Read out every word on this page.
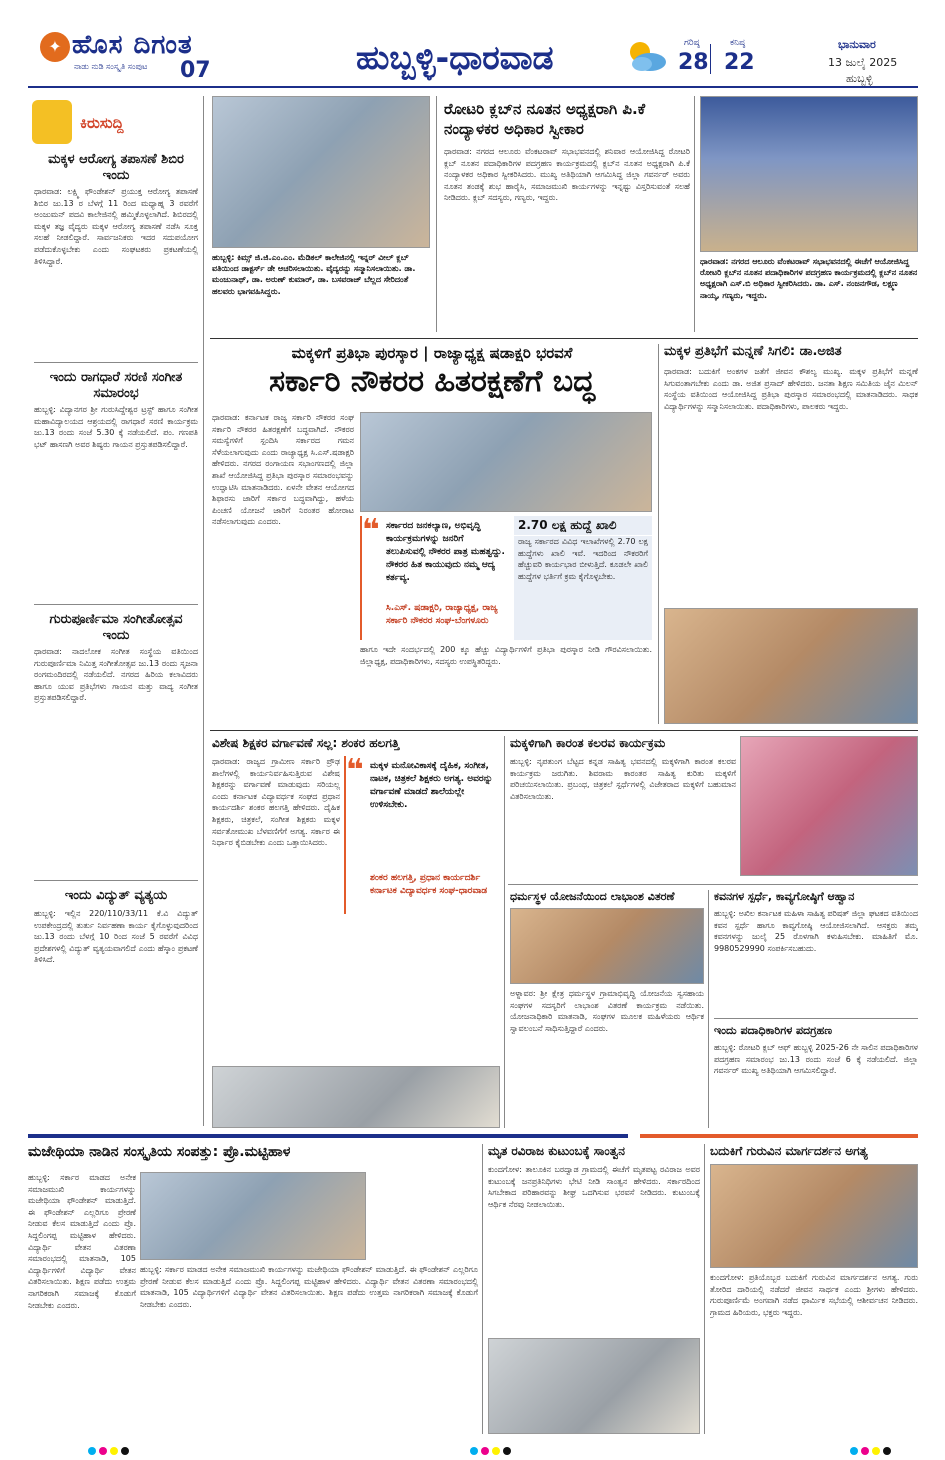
✦ ಹೊಸ ದಿಗಂತ
ನಾಡು ನುಡಿ ಸಂಸ್ಕೃತಿ ಸಂಪುಟ 07	ಹುಬ್ಬಳ್ಳಿ-ಧಾರವಾಡ	ಗರಿಷ್ಠ
28
ಕನಿಷ್ಠ
22
ಭಾನುವಾರ
13 ಜುಲೈ 2025
ಹುಬ್ಬಳ್ಳಿ
ಕಿರುಸುದ್ದಿ
ಮಕ್ಕಳ ಆರೋಗ್ಯ ತಪಾಸಣೆ ಶಿಬಿರ ಇಂದು
ಧಾರವಾಡ: ಲಕ್ಷ್ಮಿ ಫೌಂಡೇಶನ್ ಪ್ರಯುಕ್ತ ಆರೋಗ್ಯ ತಪಾಸಣೆ ಶಿಬಿರ ಜು.13 ರ ಬೆಳಗ್ಗೆ 11 ರಿಂದ ಮಧ್ಯಾಹ್ನ 3 ರವರೆಗೆ ಅಂಜುಮನ್ ಪದವಿ ಕಾಲೇಜಿನಲ್ಲಿ ಹಮ್ಮಿಕೊಳ್ಳಲಾಗಿದೆ. ಶಿಬಿರದಲ್ಲಿ ಮಕ್ಕಳ ತಜ್ಞ ವೈದ್ಯರು ಮಕ್ಕಳ ಆರೋಗ್ಯ ತಪಾಸಣೆ ನಡೆಸಿ ಸೂಕ್ತ ಸಲಹೆ ನೀಡಲಿದ್ದಾರೆ. ಸಾರ್ವಜನಿಕರು ಇದರ ಸದುಪಯೋಗ ಪಡೆದುಕೊಳ್ಳಬೇಕು ಎಂದು ಸಂಘಟಕರು ಪ್ರಕಟಣೆಯಲ್ಲಿ ತಿಳಿಸಿದ್ದಾರೆ.
ಇಂದು ರಾಗಧಾರೆ ಸರಣಿ ಸಂಗೀತ ಸಮಾರಂಭ
ಹುಬ್ಬಳ್ಳಿ: ವಿದ್ಯಾನಗರ ಶ್ರೀ ಗುರುಸಿದ್ದೇಶ್ವರ ಟ್ರಸ್ಟ್ ಹಾಗೂ ಸಂಗೀತ ಮಹಾವಿದ್ಯಾಲಯದ ಆಶ್ರಯದಲ್ಲಿ ರಾಗಧಾರೆ ಸರಣಿ ಕಾರ್ಯಕ್ರಮ ಜು.13 ರಂದು ಸಂಜೆ 5.30 ಕ್ಕೆ ನಡೆಯಲಿದೆ. ಪಂ. ಗಣಪತಿ ಭಟ್ ಹಾಸಣಗಿ ಅವರ ಶಿಷ್ಯರು ಗಾಯನ ಪ್ರಸ್ತುತಪಡಿಸಲಿದ್ದಾರೆ.
ಗುರುಪೂರ್ಣಿಮಾ ಸಂಗೀತೋತ್ಸವ ಇಂದು
ಧಾರವಾಡ: ನಾದಲೋಕ ಸಂಗೀತ ಸಂಸ್ಥೆಯ ವತಿಯಿಂದ ಗುರುಪೂರ್ಣಿಮಾ ನಿಮಿತ್ತ ಸಂಗೀತೋತ್ಸವ ಜು.13 ರಂದು ಸೃಜನಾ ರಂಗಮಂದಿರದಲ್ಲಿ ನಡೆಯಲಿದೆ. ನಗರದ ಹಿರಿಯ ಕಲಾವಿದರು ಹಾಗೂ ಯುವ ಪ್ರತಿಭೆಗಳು ಗಾಯನ ಮತ್ತು ವಾದ್ಯ ಸಂಗೀತ ಪ್ರಸ್ತುತಪಡಿಸಲಿದ್ದಾರೆ.
ಇಂದು ವಿದ್ಯುತ್ ವ್ಯತ್ಯಯ
ಹುಬ್ಬಳ್ಳಿ: ಇಲ್ಲಿನ 220/110/33/11 ಕೆ.ವಿ ವಿದ್ಯುತ್ ಉಪಕೇಂದ್ರದಲ್ಲಿ ತುರ್ತು ನಿರ್ವಹಣಾ ಕಾರ್ಯ ಕೈಗೊಳ್ಳುವುದರಿಂದ ಜು.13 ರಂದು ಬೆಳಗ್ಗೆ 10 ರಿಂದ ಸಂಜೆ 5 ರವರೆಗೆ ವಿವಿಧ ಪ್ರದೇಶಗಳಲ್ಲಿ ವಿದ್ಯುತ್ ವ್ಯತ್ಯಯವಾಗಲಿದೆ ಎಂದು ಹೆಸ್ಕಾಂ ಪ್ರಕಟಣೆ ತಿಳಿಸಿದೆ.
ಹುಬ್ಬಳ್ಳಿ: ಕಿಮ್ಸ್ ಜಿ.ಜಿ.ಎಂ.ಎಂ. ಮೆಡಿಕಲ್ ಕಾಲೇಜಿನಲ್ಲಿ ಇನ್ನರ್ ವೀಲ್ ಕ್ಲಬ್ ವತಿಯಿಂದ ಡಾಕ್ಟರ್ಸ್ ಡೇ ಆಚರಿಸಲಾಯಿತು. ವೈದ್ಯರನ್ನು ಸನ್ಮಾನಿಸಲಾಯಿತು. ಡಾ. ಮಂಜುನಾಥ್, ಡಾ. ಅರುಣ್ ಕುಮಾರ್, ಡಾ. ಬಸವರಾಜ್ ಬೆಲ್ಲದ ಸೇರಿದಂತೆ ಹಲವರು ಭಾಗವಹಿಸಿದ್ದರು.
ರೋಟರಿ ಕ್ಲಬ್‌ನ ನೂತನ ಅಧ್ಯಕ್ಷರಾಗಿ ಪಿ.ಕೆ ನಂದ್ಯಾಳಕರ ಅಧಿಕಾರ ಸ್ವೀಕಾರ
ಧಾರವಾಡ: ನಗರದ ಆಲೂರು ವೆಂಕಟರಾವ್ ಸಭಾಭವನದಲ್ಲಿ ಶನಿವಾರ ಆಯೋಜಿಸಿದ್ದ ರೋಟರಿ ಕ್ಲಬ್ ನೂತನ ಪದಾಧಿಕಾರಿಗಳ ಪದಗ್ರಹಣ ಕಾರ್ಯಕ್ರಮದಲ್ಲಿ ಕ್ಲಬ್‌ನ ನೂತನ ಅಧ್ಯಕ್ಷರಾಗಿ ಪಿ.ಕೆ ನಂದ್ಯಾಳಕರ ಅಧಿಕಾರ ಸ್ವೀಕರಿಸಿದರು. ಮುಖ್ಯ ಅತಿಥಿಯಾಗಿ ಆಗಮಿಸಿದ್ದ ಜಿಲ್ಲಾ ಗವರ್ನರ್ ಅವರು ನೂತನ ತಂಡಕ್ಕೆ ಶುಭ ಹಾರೈಸಿ, ಸಮಾಜಮುಖಿ ಕಾರ್ಯಗಳನ್ನು ಇನ್ನಷ್ಟು ವಿಸ್ತರಿಸುವಂತೆ ಸಲಹೆ ನೀಡಿದರು. ಕ್ಲಬ್ ಸದಸ್ಯರು, ಗಣ್ಯರು, ಇದ್ದರು.
ಧಾರವಾಡ: ನಗರದ ಆಲೂರು ವೆಂಕಟರಾವ್ ಸಭಾಭವನದಲ್ಲಿ ಈಚೆಗೆ ಆಯೋಜಿಸಿದ್ದ ರೋಟರಿ ಕ್ಲಬ್‌ನ ನೂತನ ಪದಾಧಿಕಾರಿಗಳ ಪದಗ್ರಹಣ ಕಾರ್ಯಕ್ರಮದಲ್ಲಿ ಕ್ಲಬ್‌ನ ನೂತನ ಅಧ್ಯಕ್ಷರಾಗಿ ಎಸ್.ಬಿ ಅಧಿಕಾರ ಸ್ವೀಕರಿಸಿದರು. ಡಾ. ಎಸ್. ನಂಜನಗೌಡ, ಲಕ್ಷ್ಮಣ ನಾಯ್ಕ, ಗಣ್ಯರು, ಇದ್ದರು.
ಮಕ್ಕಳಿಗೆ ಪ್ರತಿಭಾ ಪುರಸ್ಕಾರ | ರಾಜ್ಯಾಧ್ಯಕ್ಷ ಷಡಾಕ್ಷರಿ ಭರವಸೆ
ಸರ್ಕಾರಿ ನೌಕರರ ಹಿತರಕ್ಷಣೆಗೆ ಬದ್ಧ
ಧಾರವಾಡ: ಕರ್ನಾಟಕ ರಾಜ್ಯ ಸರ್ಕಾರಿ ನೌಕರರ ಸಂಘ ಸರ್ಕಾರಿ ನೌಕರರ ಹಿತರಕ್ಷಣೆಗೆ ಬದ್ಧವಾಗಿದೆ. ನೌಕರರ ಸಮಸ್ಯೆಗಳಿಗೆ ಸ್ಪಂದಿಸಿ ಸರ್ಕಾರದ ಗಮನ ಸೆಳೆಯಲಾಗುವುದು ಎಂದು ರಾಜ್ಯಾಧ್ಯಕ್ಷ ಸಿ.ಎಸ್.ಷಡಾಕ್ಷರಿ ಹೇಳಿದರು. ನಗರದ ರಂಗಾಯಣ ಸಭಾಂಗಣದಲ್ಲಿ ಜಿಲ್ಲಾ ಶಾಖೆ ಆಯೋಜಿಸಿದ್ದ ಪ್ರತಿಭಾ ಪುರಸ್ಕಾರ ಸಮಾರಂಭವನ್ನು ಉದ್ಘಾಟಿಸಿ ಮಾತನಾಡಿದರು. ಏಳನೇ ವೇತನ ಆಯೋಗದ ಶಿಫಾರಸು ಜಾರಿಗೆ ಸರ್ಕಾರ ಬದ್ಧವಾಗಿದ್ದು, ಹಳೆಯ ಪಿಂಚಣಿ ಯೋಜನೆ ಜಾರಿಗೆ ನಿರಂತರ ಹೋರಾಟ ನಡೆಸಲಾಗುವುದು ಎಂದರು.	❝ ಸರ್ಕಾರದ ಜನಕಲ್ಯಾಣ, ಅಭಿವೃದ್ಧಿ ಕಾರ್ಯಕ್ರಮಗಳನ್ನು ಜನರಿಗೆ ತಲುಪಿಸುವಲ್ಲಿ ನೌಕರರ ಪಾತ್ರ ಮಹತ್ವದ್ದು. ನೌಕರರ ಹಿತ ಕಾಯುವುದು ನಮ್ಮ ಆದ್ಯ ಕರ್ತವ್ಯ.
ಸಿ.ಎಸ್. ಷಡಾಕ್ಷರಿ, ರಾಜ್ಯಾಧ್ಯಕ್ಷ, ರಾಜ್ಯ ಸರ್ಕಾರಿ ನೌಕರರ ಸಂಘ-ಬೆಂಗಳೂರು
2.70 ಲಕ್ಷ ಹುದ್ದೆ ಖಾಲಿ
ರಾಜ್ಯ ಸರ್ಕಾರದ ವಿವಿಧ ಇಲಾಖೆಗಳಲ್ಲಿ 2.70 ಲಕ್ಷ ಹುದ್ದೆಗಳು ಖಾಲಿ ಇವೆ. ಇದರಿಂದ ನೌಕರರಿಗೆ ಹೆಚ್ಚುವರಿ ಕಾರ್ಯಭಾರ ಬೀಳುತ್ತಿದೆ. ಕೂಡಲೇ ಖಾಲಿ ಹುದ್ದೆಗಳ ಭರ್ತಿಗೆ ಕ್ರಮ ಕೈಗೊಳ್ಳಬೇಕು.
ಹಾಗೂ ಇದೇ ಸಂದರ್ಭದಲ್ಲಿ 200 ಕ್ಕೂ ಹೆಚ್ಚು ವಿದ್ಯಾರ್ಥಿಗಳಿಗೆ ಪ್ರತಿಭಾ ಪುರಸ್ಕಾರ ನೀಡಿ ಗೌರವಿಸಲಾಯಿತು. ಜಿಲ್ಲಾಧ್ಯಕ್ಷ, ಪದಾಧಿಕಾರಿಗಳು, ಸದಸ್ಯರು ಉಪಸ್ಥಿತರಿದ್ದರು.
ಮಕ್ಕಳ ಪ್ರತಿಭೆಗೆ ಮನ್ನಣೆ ಸಿಗಲಿ: ಡಾ.ಅಜಿತ
ಧಾರವಾಡ: ಬದುಕಿಗೆ ಅಂಕಗಳ ಜತೆಗೆ ಜೀವನ ಕೌಶಲ್ಯ ಮುಖ್ಯ. ಮಕ್ಕಳ ಪ್ರತಿಭೆಗೆ ಮನ್ನಣೆ ಸಿಗುವಂತಾಗಬೇಕು ಎಂದು ಡಾ. ಅಜಿತ ಪ್ರಸಾದ್ ಹೇಳಿದರು. ಜನತಾ ಶಿಕ್ಷಣ ಸಮಿತಿಯ ಜೈನ ಮಿಲನ್ ಸಂಸ್ಥೆಯ ವತಿಯಿಂದ ಆಯೋಜಿಸಿದ್ದ ಪ್ರತಿಭಾ ಪುರಸ್ಕಾರ ಸಮಾರಂಭದಲ್ಲಿ ಮಾತನಾಡಿದರು. ಸಾಧಕ ವಿದ್ಯಾರ್ಥಿಗಳನ್ನು ಸನ್ಮಾನಿಸಲಾಯಿತು. ಪದಾಧಿಕಾರಿಗಳು, ಪಾಲಕರು ಇದ್ದರು.
ವಿಶೇಷ ಶಿಕ್ಷಕರ ವರ್ಗಾವಣೆ ಸಲ್ಲ: ಶಂಕರ ಹಲಗತ್ತಿ
ಧಾರವಾಡ: ರಾಜ್ಯದ ಗ್ರಾಮೀಣ ಸರ್ಕಾರಿ ಪ್ರೌಢ ಶಾಲೆಗಳಲ್ಲಿ ಕಾರ್ಯನಿರ್ವಹಿಸುತ್ತಿರುವ ವಿಶೇಷ ಶಿಕ್ಷಕರನ್ನು ವರ್ಗಾವಣೆ ಮಾಡುವುದು ಸರಿಯಲ್ಲ ಎಂದು ಕರ್ನಾಟಕ ವಿದ್ಯಾವರ್ಧಕ ಸಂಘದ ಪ್ರಧಾನ ಕಾರ್ಯದರ್ಶಿ ಶಂಕರ ಹಲಗತ್ತಿ ಹೇಳಿದರು. ದೈಹಿಕ ಶಿಕ್ಷಕರು, ಚಿತ್ರಕಲೆ, ಸಂಗೀತ ಶಿಕ್ಷಕರು ಮಕ್ಕಳ ಸರ್ವತೋಮುಖ ಬೆಳವಣಿಗೆಗೆ ಅಗತ್ಯ. ಸರ್ಕಾರ ಈ ನಿರ್ಧಾರ ಕೈಬಿಡಬೇಕು ಎಂದು ಒತ್ತಾಯಿಸಿದರು.
❝ ಮಕ್ಕಳ ಮನೋವಿಕಾಸಕ್ಕೆ ದೈಹಿಕ, ಸಂಗೀತ, ನಾಟಕ, ಚಿತ್ರಕಲೆ ಶಿಕ್ಷಕರು ಅಗತ್ಯ. ಅವರನ್ನು ವರ್ಗಾವಣೆ ಮಾಡದೆ ಶಾಲೆಯಲ್ಲೇ ಉಳಿಸಬೇಕು.
ಶಂಕರ ಹಲಗತ್ತಿ, ಪ್ರಧಾನ ಕಾರ್ಯದರ್ಶಿ ಕರ್ನಾಟಕ ವಿದ್ಯಾವರ್ಧಕ ಸಂಘ-ಧಾರವಾಡ
ಮಕ್ಕಳಿಗಾಗಿ ಕಾರಂತ ಕಲರವ ಕಾರ್ಯಕ್ರಮ
ಹುಬ್ಬಳ್ಳಿ: ನೃಪತುಂಗ ಬೆಟ್ಟದ ಕನ್ನಡ ಸಾಹಿತ್ಯ ಭವನದಲ್ಲಿ ಮಕ್ಕಳಿಗಾಗಿ ಕಾರಂತ ಕಲರವ ಕಾರ್ಯಕ್ರಮ ಜರುಗಿತು. ಶಿವರಾಮ ಕಾರಂತರ ಸಾಹಿತ್ಯ ಕುರಿತು ಮಕ್ಕಳಿಗೆ ಪರಿಚಯಿಸಲಾಯಿತು. ಪ್ರಬಂಧ, ಚಿತ್ರಕಲೆ ಸ್ಪರ್ಧೆಗಳಲ್ಲಿ ವಿಜೇತರಾದ ಮಕ್ಕಳಿಗೆ ಬಹುಮಾನ ವಿತರಿಸಲಾಯಿತು.
ಧರ್ಮಸ್ಥಳ ಯೋಜನೆಯಿಂದ ಲಾಭಾಂಶ ವಿತರಣೆ
ಅಳ್ನಾವರ: ಶ್ರೀ ಕ್ಷೇತ್ರ ಧರ್ಮಸ್ಥಳ ಗ್ರಾಮಾಭಿವೃದ್ಧಿ ಯೋಜನೆಯ ಸ್ವಸಹಾಯ ಸಂಘಗಳ ಸದಸ್ಯರಿಗೆ ಲಾಭಾಂಶ ವಿತರಣೆ ಕಾರ್ಯಕ್ರಮ ನಡೆಯಿತು. ಯೋಜನಾಧಿಕಾರಿ ಮಾತನಾಡಿ, ಸಂಘಗಳ ಮೂಲಕ ಮಹಿಳೆಯರು ಆರ್ಥಿಕ ಸ್ವಾವಲಂಬನೆ ಸಾಧಿಸುತ್ತಿದ್ದಾರೆ ಎಂದರು.
ಕವನಗಳ ಸ್ಪರ್ಧೆ, ಕಾವ್ಯಗೋಷ್ಠಿಗೆ ಆಹ್ವಾನ
ಹುಬ್ಬಳ್ಳಿ: ಅಖಿಲ ಕರ್ನಾಟಕ ಮಹಿಳಾ ಸಾಹಿತ್ಯ ಪರಿಷತ್ ಜಿಲ್ಲಾ ಘಟಕದ ವತಿಯಿಂದ ಕವನ ಸ್ಪರ್ಧೆ ಹಾಗೂ ಕಾವ್ಯಗೋಷ್ಠಿ ಆಯೋಜಿಸಲಾಗಿದೆ. ಆಸಕ್ತರು ತಮ್ಮ ಕವನಗಳನ್ನು ಜುಲೈ 25 ರೊಳಗಾಗಿ ಕಳುಹಿಸಬೇಕು. ಮಾಹಿತಿಗೆ ಮೊ. 9980529990 ಸಂಪರ್ಕಿಸಬಹುದು.
ಇಂದು ಪದಾಧಿಕಾರಿಗಳ ಪದಗ್ರಹಣ
ಹುಬ್ಬಳ್ಳಿ: ರೋಟರಿ ಕ್ಲಬ್ ಆಫ್ ಹುಬ್ಬಳ್ಳಿ 2025-26 ನೇ ಸಾಲಿನ ಪದಾಧಿಕಾರಿಗಳ ಪದಗ್ರಹಣ ಸಮಾರಂಭ ಜು.13 ರಂದು ಸಂಜೆ 6 ಕ್ಕೆ ನಡೆಯಲಿದೆ. ಜಿಲ್ಲಾ ಗವರ್ನರ್ ಮುಖ್ಯ ಅತಿಥಿಯಾಗಿ ಆಗಮಿಸಲಿದ್ದಾರೆ.
ಮಜೇಥಿಯಾ ನಾಡಿನ ಸಂಸ್ಕೃತಿಯ ಸಂಪತ್ತು: ಪ್ರೊ.ಮಟ್ಟಿಹಾಳ
ಹುಬ್ಬಳ್ಳಿ: ಸರ್ಕಾರ ಮಾಡದ ಅನೇಕ ಸಮಾಜಮುಖಿ ಕಾರ್ಯಗಳನ್ನು ಮಜೇಥಿಯಾ ಫೌಂಡೇಶನ್ ಮಾಡುತ್ತಿದೆ. ಈ ಫೌಂಡೇಶನ್ ಎಲ್ಲರಿಗೂ ಪ್ರೇರಣೆ ನೀಡುವ ಕೆಲಸ ಮಾಡುತ್ತಿದೆ ಎಂದು ಪ್ರೊ. ಸಿದ್ದಲಿಂಗಪ್ಪ ಮಟ್ಟಿಹಾಳ ಹೇಳಿದರು. ವಿದ್ಯಾರ್ಥಿ ವೇತನ ವಿತರಣಾ ಸಮಾರಂಭದಲ್ಲಿ ಮಾತನಾಡಿ, 105 ವಿದ್ಯಾರ್ಥಿಗಳಿಗೆ ವಿದ್ಯಾರ್ಥಿ ವೇತನ ವಿತರಿಸಲಾಯಿತು. ಶಿಕ್ಷಣ ಪಡೆದು ಉತ್ತಮ ನಾಗರಿಕರಾಗಿ ಸಮಾಜಕ್ಕೆ ಕೊಡುಗೆ ನೀಡಬೇಕು ಎಂದರು.
ಹುಬ್ಬಳ್ಳಿ: ಸರ್ಕಾರ ಮಾಡದ ಅನೇಕ ಸಮಾಜಮುಖಿ ಕಾರ್ಯಗಳನ್ನು ಮಜೇಥಿಯಾ ಫೌಂಡೇಶನ್ ಮಾಡುತ್ತಿದೆ. ಈ ಫೌಂಡೇಶನ್ ಎಲ್ಲರಿಗೂ ಪ್ರೇರಣೆ ನೀಡುವ ಕೆಲಸ ಮಾಡುತ್ತಿದೆ ಎಂದು ಪ್ರೊ. ಸಿದ್ದಲಿಂಗಪ್ಪ ಮಟ್ಟಿಹಾಳ ಹೇಳಿದರು. ವಿದ್ಯಾರ್ಥಿ ವೇತನ ವಿತರಣಾ ಸಮಾರಂಭದಲ್ಲಿ ಮಾತನಾಡಿ, 105 ವಿದ್ಯಾರ್ಥಿಗಳಿಗೆ ವಿದ್ಯಾರ್ಥಿ ವೇತನ ವಿತರಿಸಲಾಯಿತು. ಶಿಕ್ಷಣ ಪಡೆದು ಉತ್ತಮ ನಾಗರಿಕರಾಗಿ ಸಮಾಜಕ್ಕೆ ಕೊಡುಗೆ ನೀಡಬೇಕು ಎಂದರು.
ಮೃತ ರವಿರಾಜ ಕುಟುಂಬಕ್ಕೆ ಸಾಂತ್ವನ
ಕುಂದಗೋಳ: ತಾಲೂಕಿನ ಬರದ್ವಾಡ ಗ್ರಾಮದಲ್ಲಿ ಈಚೆಗೆ ಮೃತಪಟ್ಟ ರವಿರಾಜ ಅವರ ಕುಟುಂಬಕ್ಕೆ ಜನಪ್ರತಿನಿಧಿಗಳು ಭೇಟಿ ನೀಡಿ ಸಾಂತ್ವನ ಹೇಳಿದರು. ಸರ್ಕಾರದಿಂದ ಸಿಗಬೇಕಾದ ಪರಿಹಾರವನ್ನು ಶೀಘ್ರ ಒದಗಿಸುವ ಭರವಸೆ ನೀಡಿದರು. ಕುಟುಂಬಕ್ಕೆ ಆರ್ಥಿಕ ನೆರವು ನೀಡಲಾಯಿತು.
ಬದುಕಿಗೆ ಗುರುವಿನ ಮಾರ್ಗದರ್ಶನ ಅಗತ್ಯ
ಕುಂದಗೋಳ: ಪ್ರತಿಯೊಬ್ಬರ ಬದುಕಿಗೆ ಗುರುವಿನ ಮಾರ್ಗದರ್ಶನ ಅಗತ್ಯ. ಗುರು ತೋರಿದ ದಾರಿಯಲ್ಲಿ ನಡೆದರೆ ಜೀವನ ಸಾರ್ಥಕ ಎಂದು ಶ್ರೀಗಳು ಹೇಳಿದರು. ಗುರುಪೂರ್ಣಿಮೆ ಅಂಗವಾಗಿ ನಡೆದ ಧಾರ್ಮಿಕ ಸಭೆಯಲ್ಲಿ ಆಶೀರ್ವಚನ ನೀಡಿದರು. ಗ್ರಾಮದ ಹಿರಿಯರು, ಭಕ್ತರು ಇದ್ದರು.
